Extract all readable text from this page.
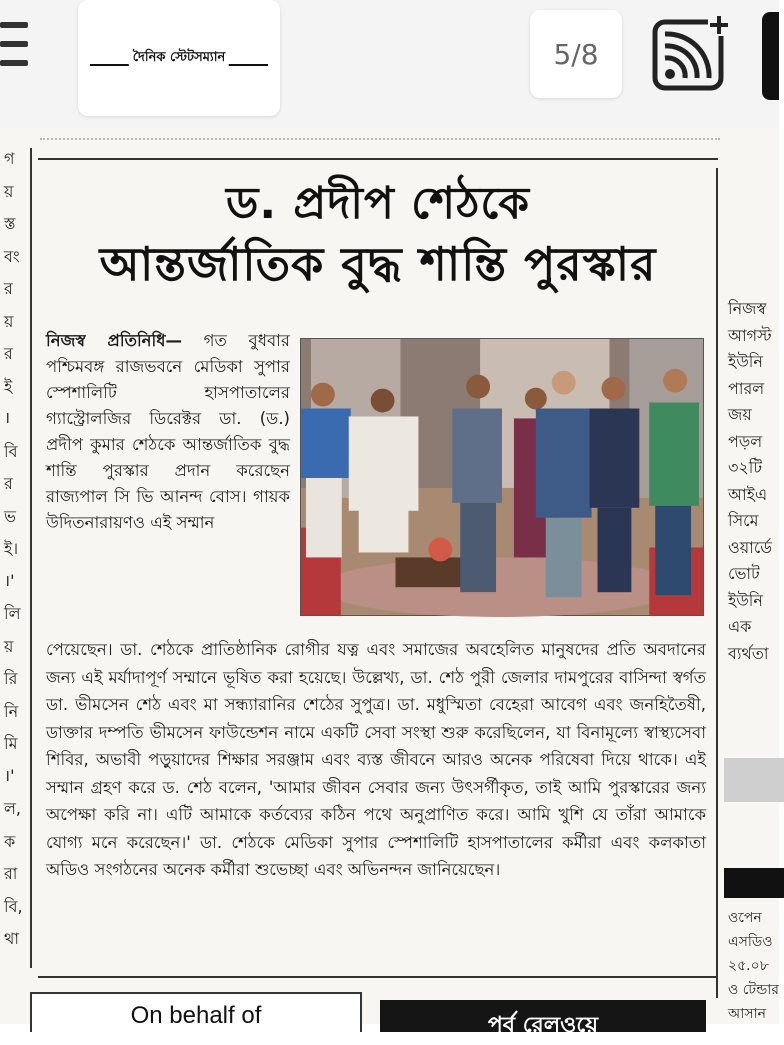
দৈনিক স্টেটসম্যান	5/8
গ
য়
স্ত
বং
র
য়
র
ই
।
বি
র
ভ
ই।
।'
লি
য়
রি
নি
মি
।'
ল,
ক
রা
বি,
থা
ড. প্রদীপ শেঠকে
আন্তর্জাতিক বুদ্ধ শান্তি পুরস্কার

নিজস্ব প্রতিনিধি— গত বুধবার পশ্চিমবঙ্গ রাজভবনে মেডিকা সুপার স্পেশালিটি হাসপাতালের গ্যাস্ট্রোলজির ডিরেক্টর ডা. (ড.) প্রদীপ কুমার শেঠকে আন্তর্জাতিক বুদ্ধ শান্তি পুরস্কার প্রদান করেছেন রাজ্যপাল সি ভি আনন্দ বোস। গায়ক উদিতনারায়ণও এই সম্মান

পেয়েছেন। ডা. শেঠকে প্রাতিষ্ঠানিক রোগীর যত্ন এবং সমাজের অবহেলিত মানুষদের প্রতি অবদানের জন্য এই মর্যাদাপূর্ণ সম্মানে ভূষিত করা হয়েছে। উল্লেখ্য, ডা. শেঠ পুরী জেলার দামপুরের বাসিন্দা স্বর্গত ডা. ভীমসেন শেঠ এবং মা সন্ধ্যারানির শেঠের সুপুত্র। ডা. মধুস্মিতা বেহেরা আবেগ এবং জনহিতৈষী, ডাক্তার দম্পতি ভীমসেন ফাউন্ডেশন নামে একটি সেবা সংস্থা শুরু করেছিলেন, যা বিনামূল্যে স্বাস্থ্যসেবা শিবির, অভাবী পড়ুয়াদের শিক্ষার সরঞ্জাম এবং ব্যস্ত জীবনে আরও অনেক পরিষেবা দিয়ে থাকে। এই সম্মান গ্রহণ করে ড. শেঠ বলেন, 'আমার জীবন সেবার জন্য উৎসর্গীকৃত, তাই আমি পুরস্কারের জন্য অপেক্ষা করি না। এটি আমাকে কর্তব্যের কঠিন পথে অনুপ্রাণিত করে। আমি খুশি যে তাঁরা আমাকে যোগ্য মনে করেছেন।' ডা. শেঠকে মেডিকা সুপার স্পেশালিটি হাসপাতালের কর্মীরা এবং কলকাতা অডিও সংগঠনের অনেক কর্মীরা শুভেচ্ছা এবং অভিনন্দন জানিয়েছেন।

নিজস্ব
আগস্ট
ইউনি
পারল
জয়
পড়ল
৩২টি
আইএ
সিমে
ওয়ার্ডে
ভোট
ইউনি
এক
ব্যর্থতা
ওপেন
এসডিও
২৫.০৮
ও টেন্ডার
আসান
On behalf of	পূর্ব রেলওয়ে
